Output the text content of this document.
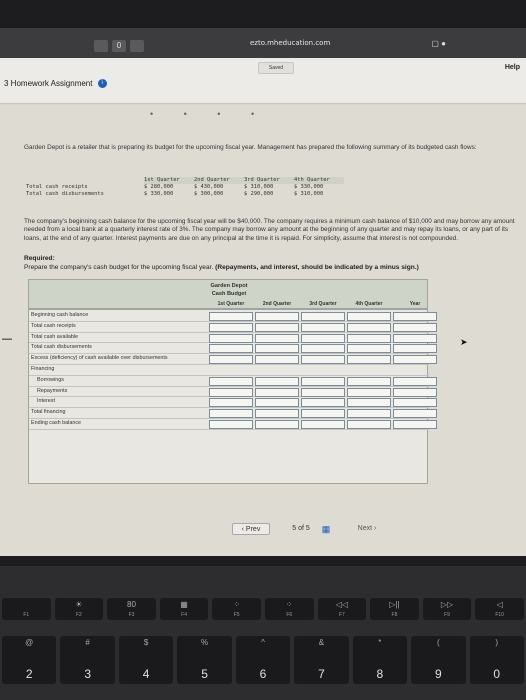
0	ezto.mheducation.com	▢ ●
Saved	Help
3 Homework Assignment i
• • • •
Garden Depot is a retailer that is preparing its budget for the upcoming fiscal year. Management has prepared the following summary of its budgeted cash flows:
1st Quarter	2nd Quarter	3rd Quarter	4th Quarter
Total cash receipts	$ 280,000	$ 430,000	$ 310,000	$ 330,000
Total cash disbursements	$ 330,000	$ 300,000	$ 290,000	$ 310,000
The company's beginning cash balance for the upcoming fiscal year will be $40,000. The company requires a minimum cash balance of $10,000 and may borrow any amount needed from a local bank at a quarterly interest rate of 3%. The company may borrow any amount at the beginning of any quarter and may repay its loans, or any part of its loans, at the end of any quarter. Interest payments are due on any principal at the time it is repaid. For simplicity, assume that interest is not compounded.
Required:
Prepare the company's cash budget for the upcoming fiscal year. (Repayments, and interest, should be indicated by a minus sign.)
▬▬
Garden Depot
Cash Budget
1st Quarter	2nd Quarter	3rd Quarter	4th Quarter	Year
Beginning cash balance
Total cash receipts
Total cash available
Total cash disbursements
Excess (deficiency) of cash available over disbursements
Financing
Borrowings
Repayments
Interest
Total financing
Ending cash balance
➤
‹ Prev	5 of 5	▦	Next ›
F1
☀
F2
80
F3
▦
F4
⁘
F5
⁘
F6
◁◁
F7
▷||
F8
▷▷
F9
◁
F10
@
2
#
3
$
4
%
5
^
6
&
7
*
8
(
9
)
0
